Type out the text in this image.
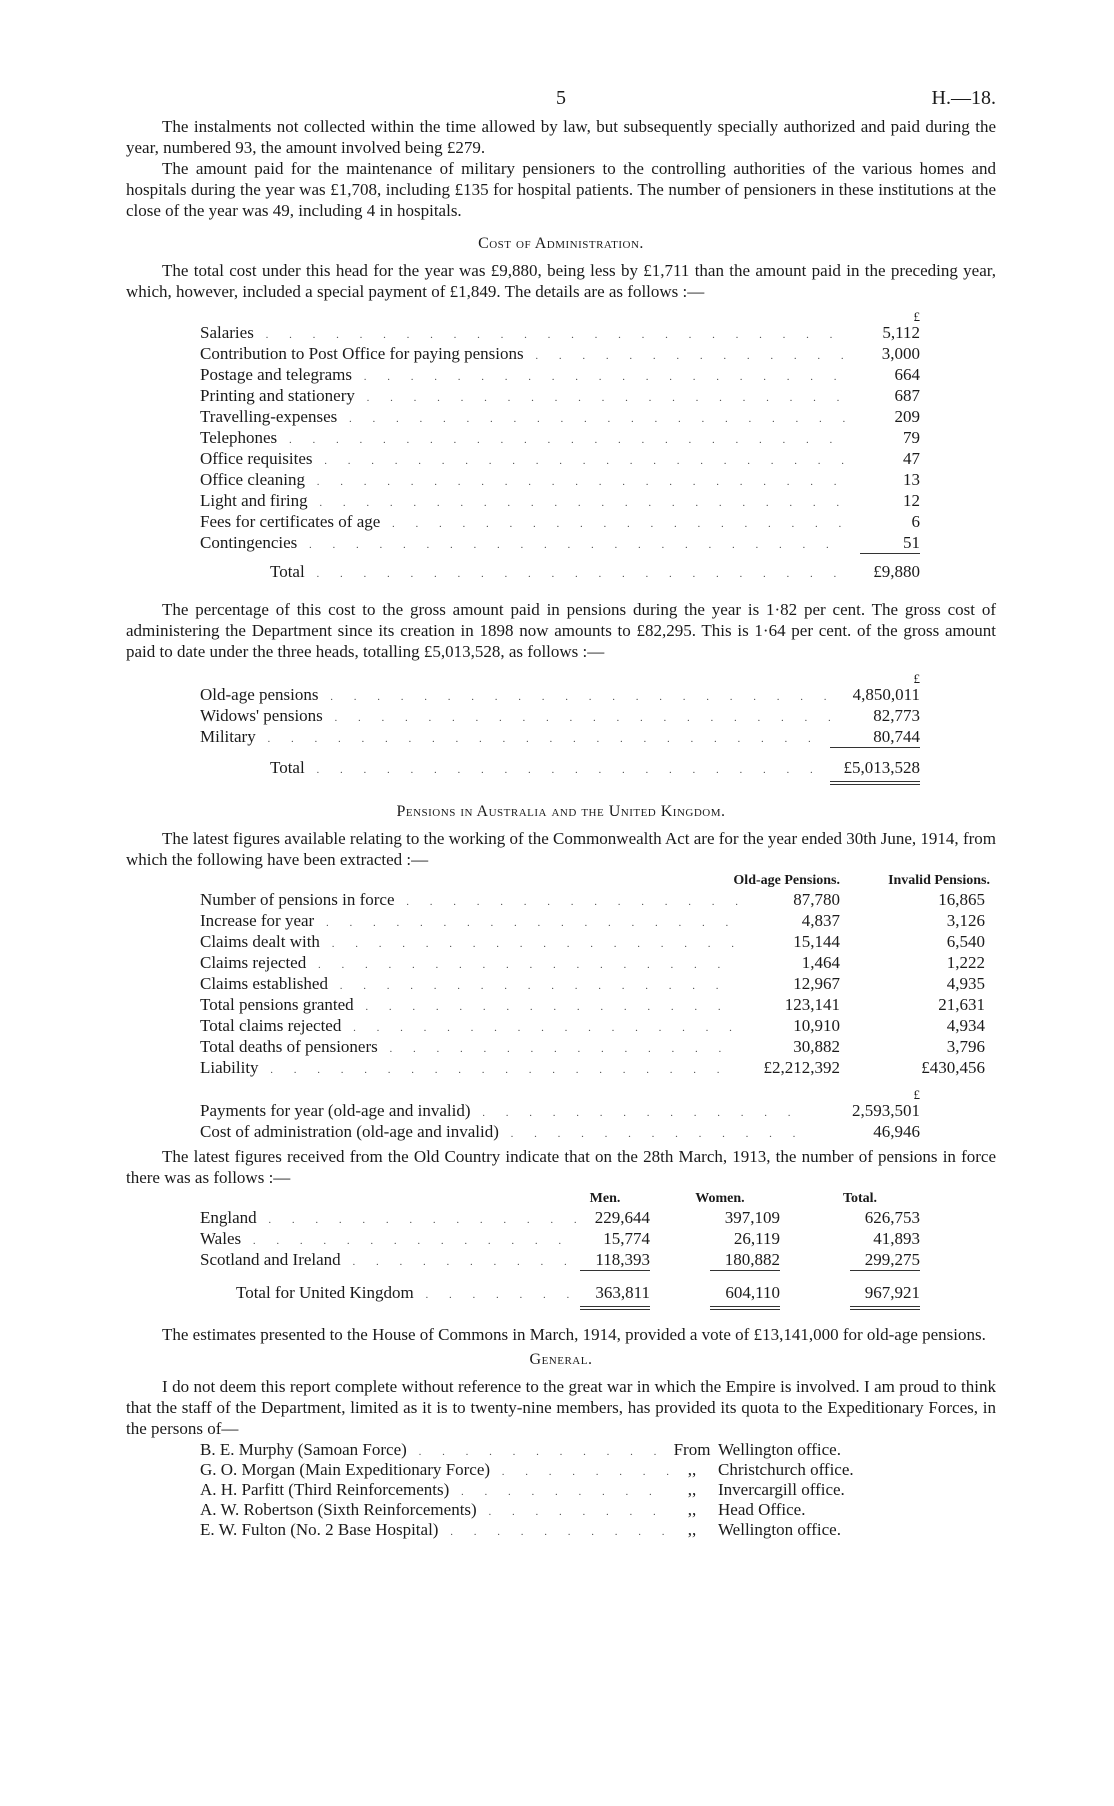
5	H.—18.

The instalments not collected within the time allowed by law, but subsequently specially authorized and paid during the year, numbered 93, the amount involved being £279.

The amount paid for the maintenance of military pensioners to the controlling authorities of the various homes and hospitals during the year was £1,708, including £135 for hospital patients. The number of pensioners in these institutions at the close of the year was 49, including 4 in hospitals.

Cost of Administration.

The total cost under this head for the year was £9,880, being less by £1,711 than the amount paid in the preceding year, which, however, included a special payment of £1,849. The details are as follows :—

£
Salaries . . .	5,112
Contribution to Post Office for paying pensions . . .	3,000
Postage and telegrams . . .	664
Printing and stationery . . .	687
Travelling-expenses . . .	209
Telephones . . .	79
Office requisites . . .	47
Office cleaning . . .	13
Light and firing . . .	12
Fees for certificates of age . . .	6
Contingencies . . .	51
Total . . .	£9,880

The percentage of this cost to the gross amount paid in pensions during the year is 1·82 per cent. The gross cost of administering the Department since its creation in 1898 now amounts to £82,295. This is 1·64 per cent. of the gross amount paid to date under the three heads, totalling £5,013,528, as follows :—

£
Old-age pensions . . .	4,850,011
Widows' pensions . . .	82,773
Military . . .	80,744
Total . . .	£5,013,528
Pensions in Australia and the United Kingdom.

The latest figures available relating to the working of the Commonwealth Act are for the year ended 30th June, 1914, from which the following have been extracted :—

Old-age Pensions.	Invalid Pensions.
Number of pensions in force . . .	87,780	16,865
Increase for year . . .	4,837	3,126
Claims dealt with . . .	15,144	6,540
Claims rejected . . .	1,464	1,222
Claims established . . .	12,967	4,935
Total pensions granted . . .	123,141	21,631
Total claims rejected . . .	10,910	4,934
Total deaths of pensioners . . .	30,882	3,796
Liability . . .	£2,212,392	£430,456
£
Payments for year (old-age and invalid) . . .	2,593,501
Cost of administration (old-age and invalid) . . .	46,946

The latest figures received from the Old Country indicate that on the 28th March, 1913, the number of pensions in force there was as follows :—

Men.	Women.	Total.
England . . .	229,644	397,109	626,753
Wales . . .	15,774	26,119	41,893
Scotland and Ireland . . .	118,393	180,882	299,275
Total for United Kingdom . . .	363,811	604,110	967,921

The estimates presented to the House of Commons in March, 1914, provided a vote of £13,141,000 for old-age pensions.

General.

I do not deem this report complete without reference to the great war in which the Empire is involved. I am proud to think that the staff of the Department, limited as it is to twenty-nine members, has provided its quota to the Expeditionary Forces, in the persons of—

B. E. Murphy (Samoan Force) . . .	From Wellington office.
G. O. Morgan (Main Expeditionary Force) . . .	,,	Christchurch office.
A. H. Parfitt (Third Reinforcements) . . .	,,	Invercargill office.
A. W. Robertson (Sixth Reinforcements) . . .	,,	Head Office.
E. W. Fulton (No. 2 Base Hospital) . . .	,,	Wellington office.
